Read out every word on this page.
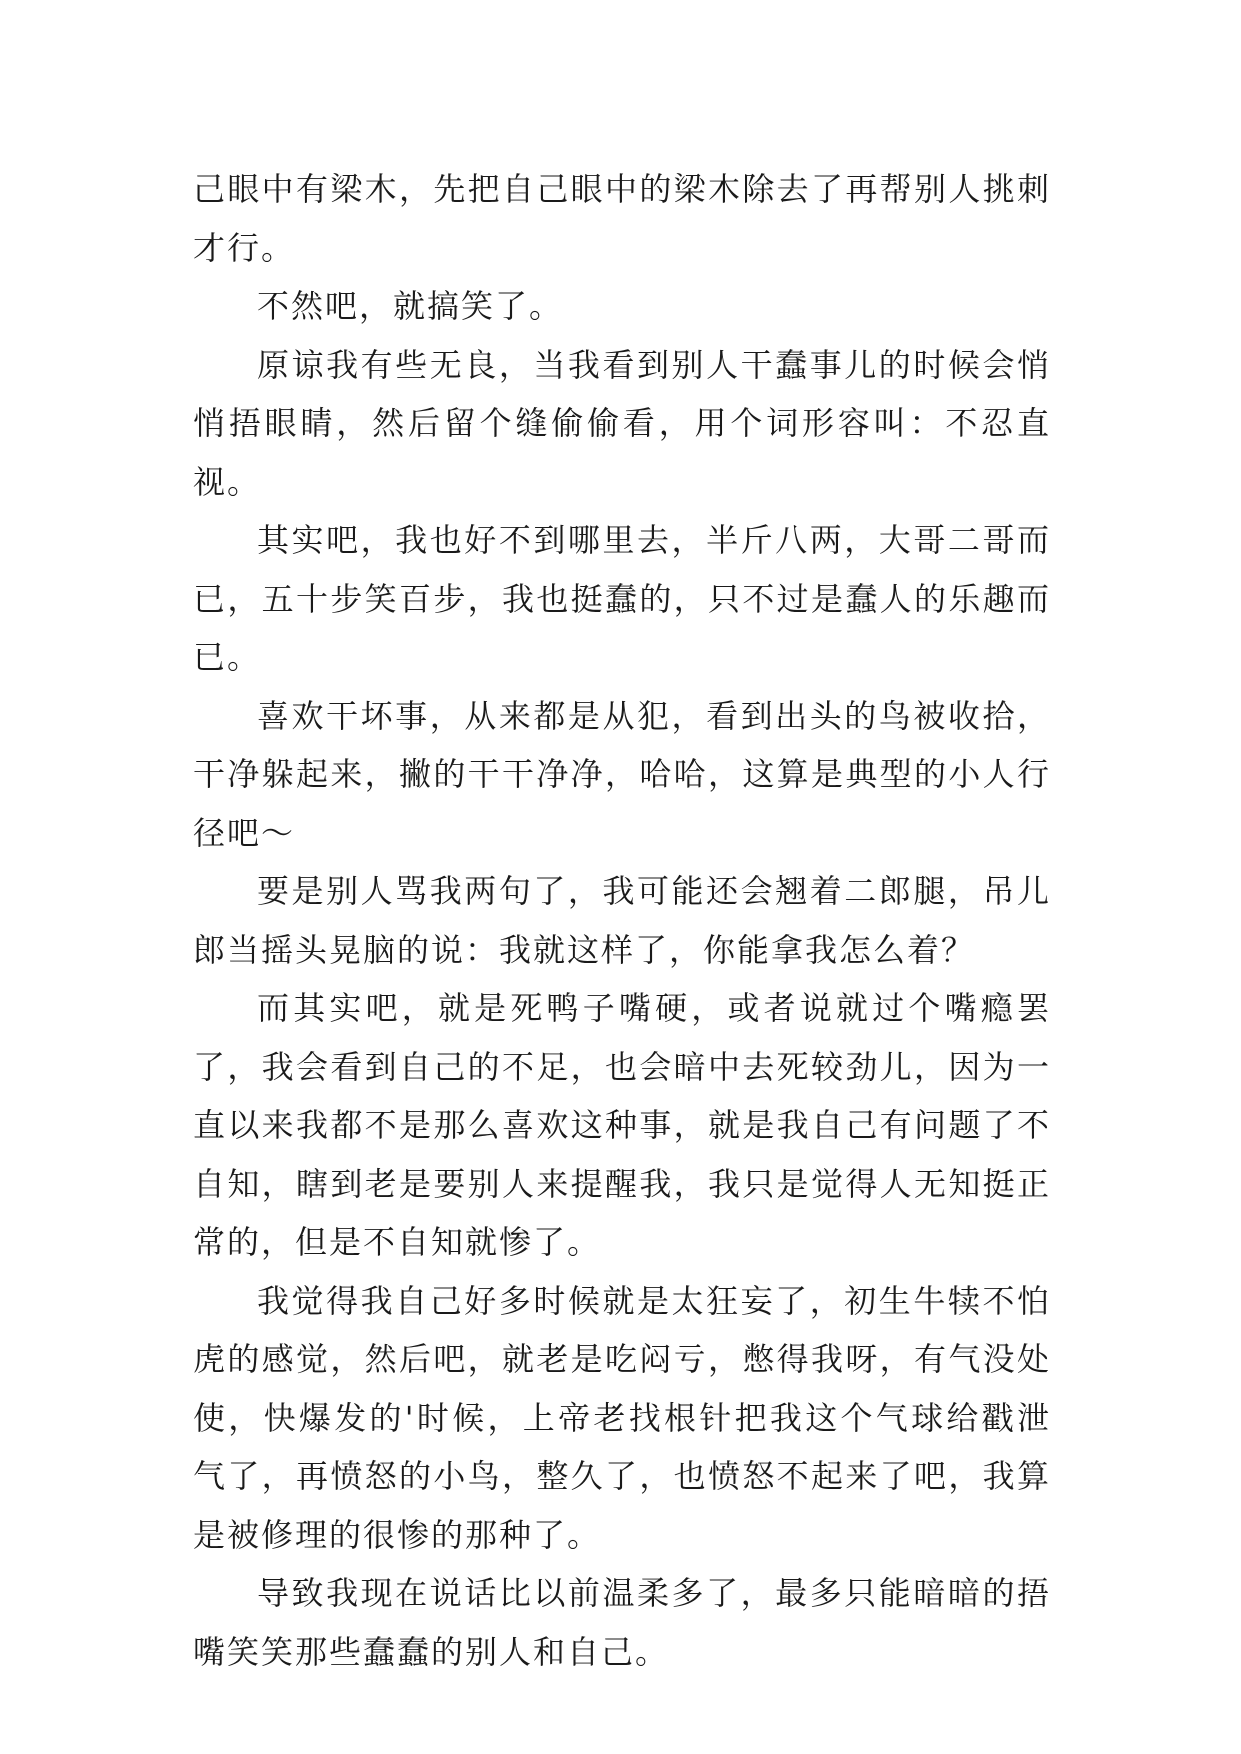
己眼中有梁木，先把自己眼中的梁木除去了再帮别人挑刺才行。

不然吧，就搞笑了。

原谅我有些无良，当我看到别人干蠢事儿的时候会悄悄捂眼睛，然后留个缝偷偷看，用个词形容叫：不忍直视。

其实吧，我也好不到哪里去，半斤八两，大哥二哥而已，五十步笑百步，我也挺蠢的，只不过是蠢人的乐趣而已。

喜欢干坏事，从来都是从犯，看到出头的鸟被收拾，干净躲起来，撇的干干净净，哈哈，这算是典型的小人行径吧～

要是别人骂我两句了，我可能还会翘着二郎腿，吊儿郎当摇头晃脑的说：我就这样了，你能拿我怎么着？

而其实吧，就是死鸭子嘴硬，或者说就过个嘴瘾罢了，我会看到自己的不足，也会暗中去死较劲儿，因为一直以来我都不是那么喜欢这种事，就是我自己有问题了不自知，瞎到老是要别人来提醒我，我只是觉得人无知挺正常的，但是不自知就惨了。

我觉得我自己好多时候就是太狂妄了，初生牛犊不怕虎的感觉，然后吧，就老是吃闷亏，憋得我呀，有气没处使，快爆发的'时候，上帝老找根针把我这个气球给戳泄气了，再愤怒的小鸟，整久了，也愤怒不起来了吧，我算是被修理的很惨的那种了。

导致我现在说话比以前温柔多了，最多只能暗暗的捂嘴笑笑那些蠢蠢的别人和自己。
